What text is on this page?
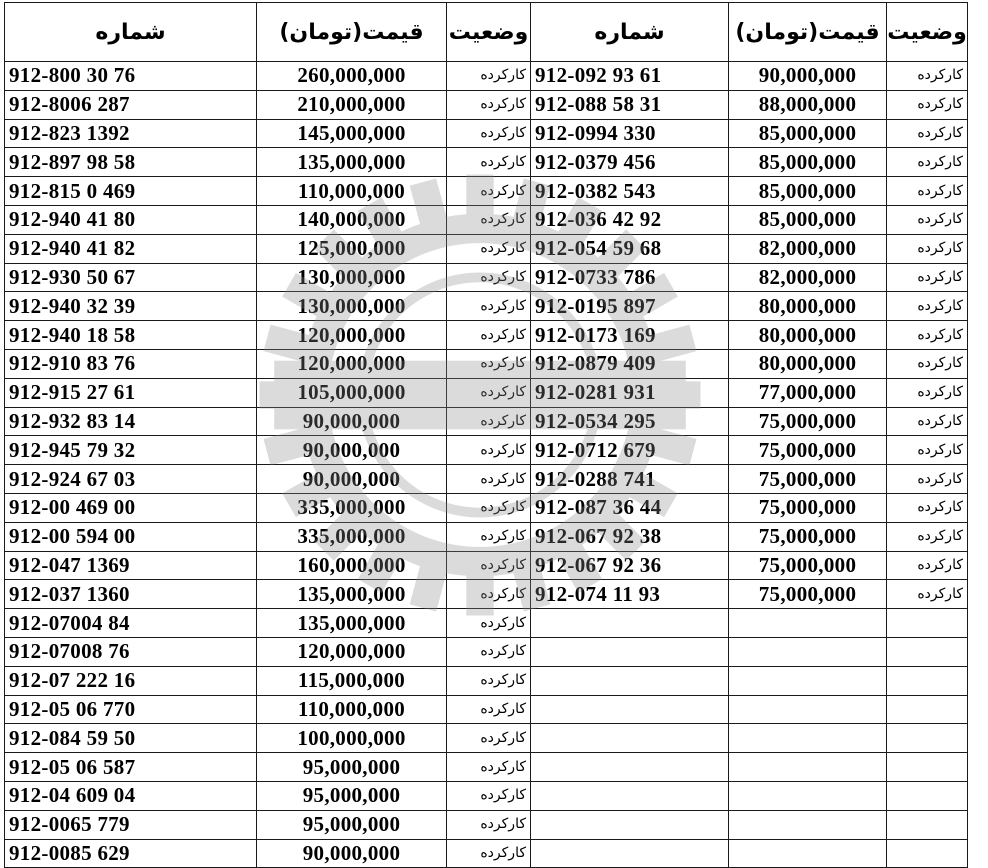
شماره	قیمت(تومان)	وضعیت	شماره	قیمت(تومان)	وضعیت
912-800 30 76	260,000,000	کارکرده	912-092 93 61	90,000,000	کارکرده
912-8006 287	210,000,000	کارکرده	912-088 58 31	88,000,000	کارکرده
912-823 1392	145,000,000	کارکرده	912-0994 330	85,000,000	کارکرده
912-897 98 58	135,000,000	کارکرده	912-0379 456	85,000,000	کارکرده
912-815 0 469	110,000,000	کارکرده	912-0382 543	85,000,000	کارکرده
912-940 41 80	140,000,000	کارکرده	912-036 42 92	85,000,000	کارکرده
912-940 41 82	125,000,000	کارکرده	912-054 59 68	82,000,000	کارکرده
912-930 50 67	130,000,000	کارکرده	912-0733 786	82,000,000	کارکرده
912-940 32 39	130,000,000	کارکرده	912-0195 897	80,000,000	کارکرده
912-940 18 58	120,000,000	کارکرده	912-0173 169	80,000,000	کارکرده
912-910 83 76	120,000,000	کارکرده	912-0879 409	80,000,000	کارکرده
912-915 27 61	105,000,000	کارکرده	912-0281 931	77,000,000	کارکرده
912-932 83 14	90,000,000	کارکرده	912-0534 295	75,000,000	کارکرده
912-945 79 32	90,000,000	کارکرده	912-0712 679	75,000,000	کارکرده
912-924 67 03	90,000,000	کارکرده	912-0288 741	75,000,000	کارکرده
912-00 469 00	335,000,000	کارکرده	912-087 36 44	75,000,000	کارکرده
912-00 594 00	335,000,000	کارکرده	912-067 92 38	75,000,000	کارکرده
912-047 1369	160,000,000	کارکرده	912-067 92 36	75,000,000	کارکرده
912-037 1360	135,000,000	کارکرده	912-074 11 93	75,000,000	کارکرده
912-07004 84	135,000,000	کارکرده			
912-07008 76	120,000,000	کارکرده			
912-07 222 16	115,000,000	کارکرده			
912-05 06 770	110,000,000	کارکرده			
912-084 59 50	100,000,000	کارکرده			
912-05 06 587	95,000,000	کارکرده			
912-04 609 04	95,000,000	کارکرده			
912-0065 779	95,000,000	کارکرده			
912-0085 629	90,000,000	کارکرده			
